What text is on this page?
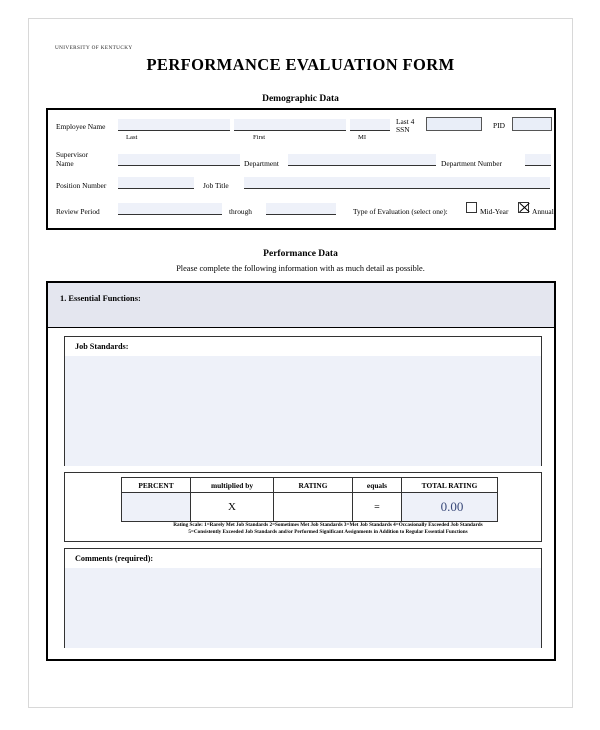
UNIVERSITY OF KENTUCKY
PERFORMANCE EVALUATION FORM
Demographic Data
Employee Name
Last	First	MI
Last 4
SSN	PID
Supervisor
Name	Department	Department Number
Position Number	Job Title
Review Period	through	Type of Evaluation (select one):	Mid-Year	Annual
Performance Data
Please complete the following information with as much detail as possible.
1. Essential Functions:
Job Standards:
PERCENT	multiplied by	RATING	equals	TOTAL RATING
	X		=	0.00
Rating Scale: 1=Rarely Met Job Standards 2=Sometimes Met Job Standards 3=Met Job Standards 4=Occasionally Exceeded Job Standards
5=Consistently Exceeded Job Standards and/or Performed Significant Assignments in Addition to Regular Essential Functions
Comments (required):
